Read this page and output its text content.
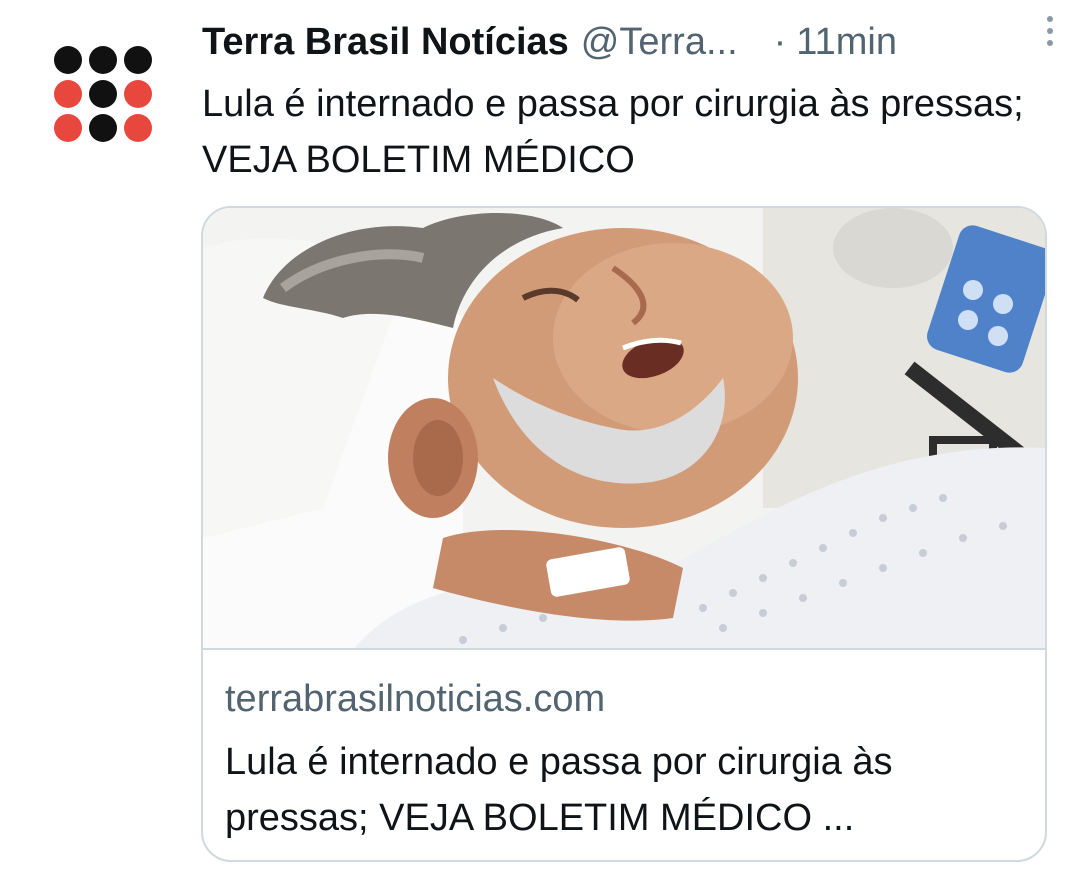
Terra Brasil Notícias @Terra... · 11min
Lula é internado e passa por cirurgia às pressas; VEJA BOLETIM MÉDICO
terrabrasilnoticias.com
Lula é internado e passa por cirurgia às pressas; VEJA BOLETIM MÉDICO ...
